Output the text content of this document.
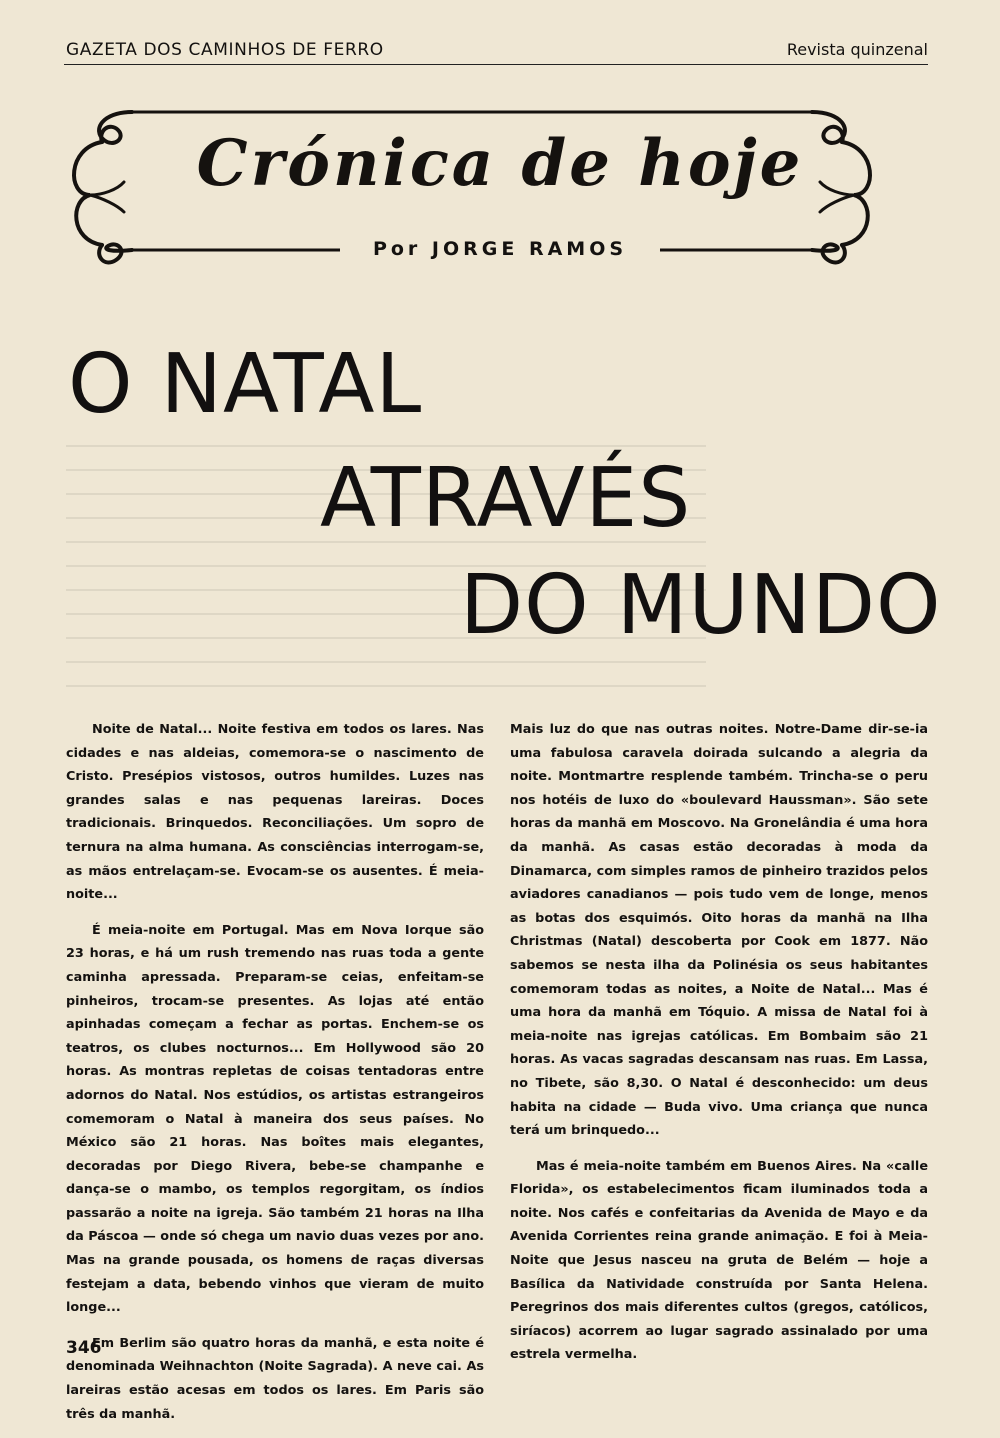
GAZETA DOS CAMINHOS DE FERRO	Revista quinzenal
Crónica de hoje
Por JORGE RAMOS
O NATAL
ATRAVÉS
DO MUNDO

Noite de Natal... Noite festiva em todos os lares. Nas cidades e nas aldeias, comemora-se o nascimento de Cristo. Presépios vistosos, outros humildes. Luzes nas grandes salas e nas pequenas lareiras. Doces tradicionais. Brinquedos. Reconciliações. Um sopro de ternura na alma humana. As consciências interrogam-se, as mãos entrelaçam-se. Evocam-se os ausentes. É meia-noite...

É meia-noite em Portugal. Mas em Nova Iorque são 23 horas, e há um rush tremendo nas ruas toda a gente caminha apressada. Preparam-se ceias, enfeitam-se pinheiros, trocam-se presentes. As lojas até então apinhadas começam a fechar as portas. Enchem-se os teatros, os clubes nocturnos... Em Hollywood são 20 horas. As montras repletas de coisas tentadoras entre adornos do Natal. Nos estúdios, os artistas estrangeiros comemoram o Natal à maneira dos seus países. No México são 21 horas. Nas boîtes mais elegantes, decoradas por Diego Rivera, bebe-se champanhe e dança-se o mambo, os templos regorgitam, os índios passarão a noite na igreja. São também 21 horas na Ilha da Páscoa — onde só chega um navio duas vezes por ano. Mas na grande pousada, os homens de raças diversas festejam a data, bebendo vinhos que vieram de muito longe...

Em Berlim são quatro horas da manhã, e esta noite é denominada Weihnachton (Noite Sagrada). A neve cai. As lareiras estão acesas em todos os lares. Em Paris são três da manhã.

Mais luz do que nas outras noites. Notre-Dame dir-se-ia uma fabulosa caravela doirada sulcando a alegria da noite. Montmartre resplende também. Trincha-se o peru nos hotéis de luxo do «boulevard Haussman». São sete horas da manhã em Moscovo. Na Gronelândia é uma hora da manhã. As casas estão decoradas à moda da Dinamarca, com simples ramos de pinheiro trazidos pelos aviadores canadianos — pois tudo vem de longe, menos as botas dos esquimós. Oito horas da manhã na Ilha Christmas (Natal) descoberta por Cook em 1877. Não sabemos se nesta ilha da Polinésia os seus habitantes comemoram todas as noites, a Noite de Natal... Mas é uma hora da manhã em Tóquio. A missa de Natal foi à meia-noite nas igrejas católicas. Em Bombaim são 21 horas. As vacas sagradas descansam nas ruas. Em Lassa, no Tibete, são 8,30. O Natal é desconhecido: um deus habita na cidade — Buda vivo. Uma criança que nunca terá um brinquedo...

Mas é meia-noite também em Buenos Aires. Na «calle Florida», os estabelecimentos ficam iluminados toda a noite. Nos cafés e confeitarias da Avenida de Mayo e da Avenida Corrientes reina grande animação. E foi à Meia-Noite que Jesus nasceu na gruta de Belém — hoje a Basílica da Natividade construída por Santa Helena. Peregrinos dos mais diferentes cultos (gregos, católicos, siríacos) acorrem ao lugar sagrado assinalado por uma estrela vermelha.

346
